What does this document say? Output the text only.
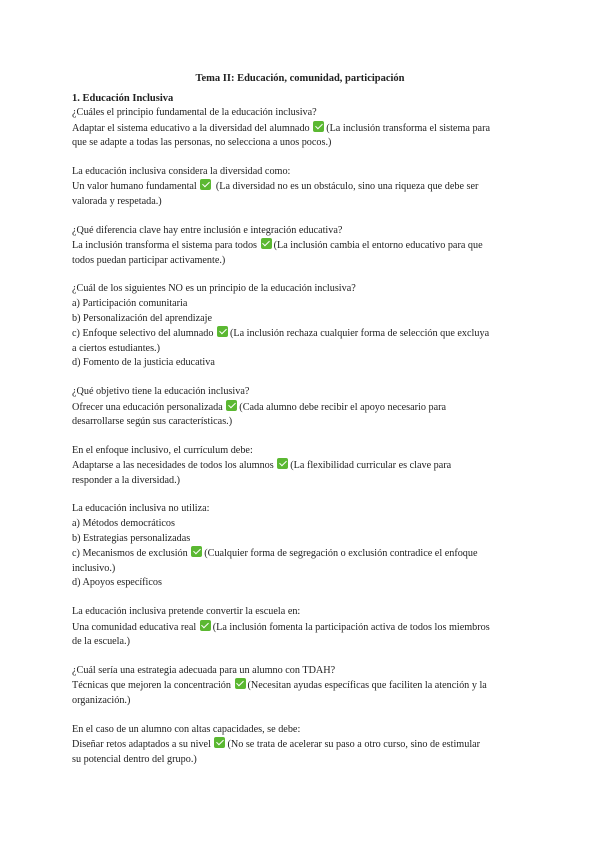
Tema II: Educación, comunidad, participación

1. Educación Inclusiva

¿Cuáles el principio fundamental de la educación inclusiva?

Adaptar el sistema educativo a la diversidad del alumnado (La inclusión transforma el sistema para

que se adapte a todas las personas, no selecciona a unos pocos.)

La educación inclusiva considera la diversidad como:

Un valor humano fundamental (La diversidad no es un obstáculo, sino una riqueza que debe ser

valorada y respetada.)

¿Qué diferencia clave hay entre inclusión e integración educativa?

La inclusión transforma el sistema para todos (La inclusión cambia el entorno educativo para que

todos puedan participar activamente.)

¿Cuál de los siguientes NO es un principio de la educación inclusiva?

a) Participación comunitaria

b) Personalización del aprendizaje

c) Enfoque selectivo del alumnado (La inclusión rechaza cualquier forma de selección que excluya

a ciertos estudiantes.)

d) Fomento de la justicia educativa

¿Qué objetivo tiene la educación inclusiva?

Ofrecer una educación personalizada (Cada alumno debe recibir el apoyo necesario para

desarrollarse según sus características.)

En el enfoque inclusivo, el currículum debe:

Adaptarse a las necesidades de todos los alumnos (La flexibilidad curricular es clave para

responder a la diversidad.)

La educación inclusiva no utiliza:

a) Métodos democráticos

b) Estrategias personalizadas

c) Mecanismos de exclusión (Cualquier forma de segregación o exclusión contradice el enfoque

inclusivo.)

d) Apoyos específicos

La educación inclusiva pretende convertir la escuela en:

Una comunidad educativa real (La inclusión fomenta la participación activa de todos los miembros

de la escuela.)

¿Cuál sería una estrategia adecuada para un alumno con TDAH?

Técnicas que mejoren la concentración (Necesitan ayudas específicas que faciliten la atención y la

organización.)

En el caso de un alumno con altas capacidades, se debe:

Diseñar retos adaptados a su nivel (No se trata de acelerar su paso a otro curso, sino de estimular

su potencial dentro del grupo.)
